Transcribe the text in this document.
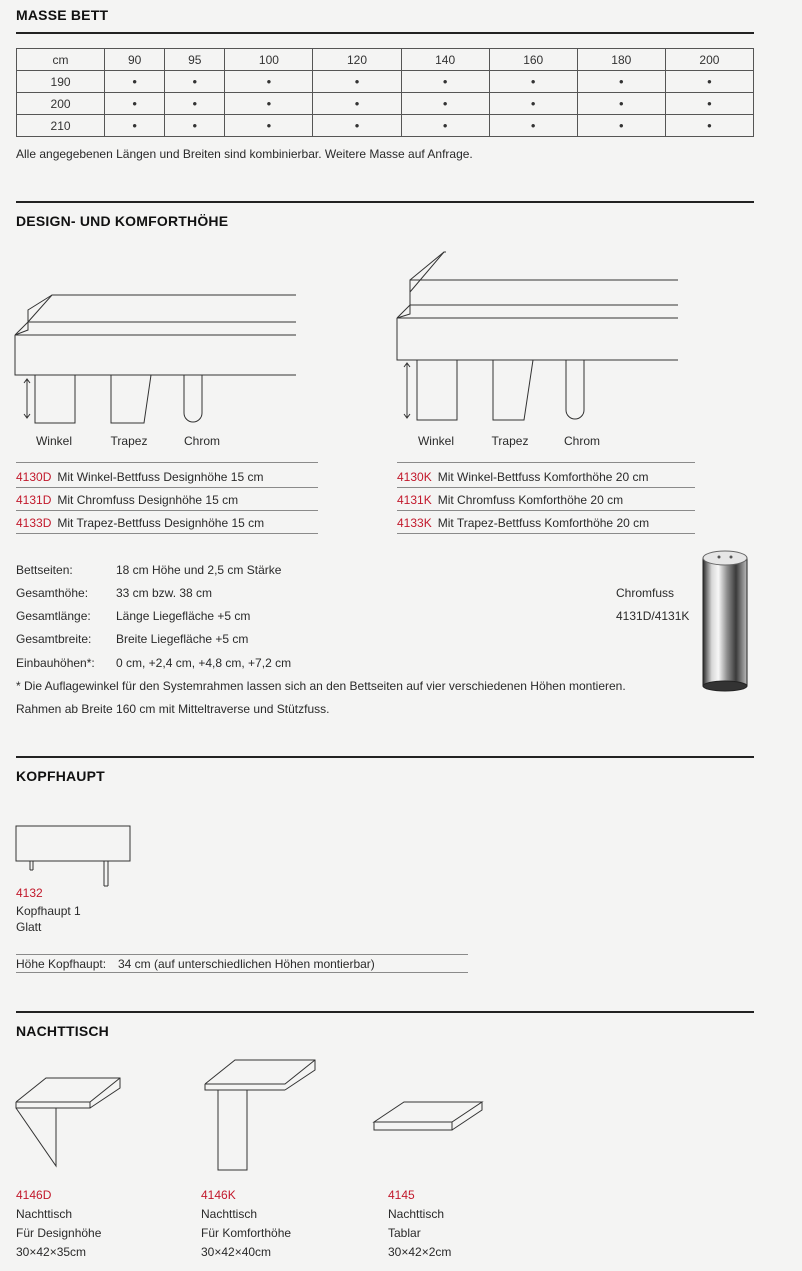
MASSE BETT
cm	90	95	100	120	140	160	180	200
190	•	•	•	•	•	•	•	•
200	•	•	•	•	•	•	•	•
210	•	•	•	•	•	•	•	•
Alle angegebenen Längen und Breiten sind kombinierbar. Weitere Masse auf Anfrage.
DESIGN- UND KOMFORTHÖHE
Winkel	Trapez	Chrom	Winkel	Trapez	Chrom
4130D Mit Winkel-Bettfuss Designhöhe 15 cm
4131D Mit Chromfuss Designhöhe 15 cm
4133D Mit Trapez-Bettfuss Designhöhe 15 cm
4130K Mit Winkel-Bettfuss Komforthöhe 20 cm
4131K Mit Chromfuss Komforthöhe 20 cm
4133K Mit Trapez-Bettfuss Komforthöhe 20 cm
Bettseiten:	18 cm Höhe und 2,5 cm Stärke
Gesamthöhe: 33 cm bzw. 38 cm
Gesamtlänge: Länge Liegefläche +5 cm
Gesamtbreite: Breite Liegefläche +5 cm
Einbauhöhen*: 0 cm, +2,4 cm, +4,8 cm, +7,2 cm
* Die Auflagewinkel für den Systemrahmen lassen sich an den Bettseiten auf vier verschiedenen Höhen montieren.
Rahmen ab Breite 160 cm mit Mitteltraverse und Stützfuss.
Chromfuss
4131D/4131K
KOPFHAUPT
4132
Kopfhaupt 1
Glatt
Höhe Kopfhaupt: 34 cm (auf unterschiedlichen Höhen montierbar)
NACHTTISCH
4146D
Nachttisch
Für Designhöhe
30×42×35cm
4146K
Nachttisch
Für Komforthöhe
30×42×40cm
4145
Nachttisch
Tablar
30×42×2cm
